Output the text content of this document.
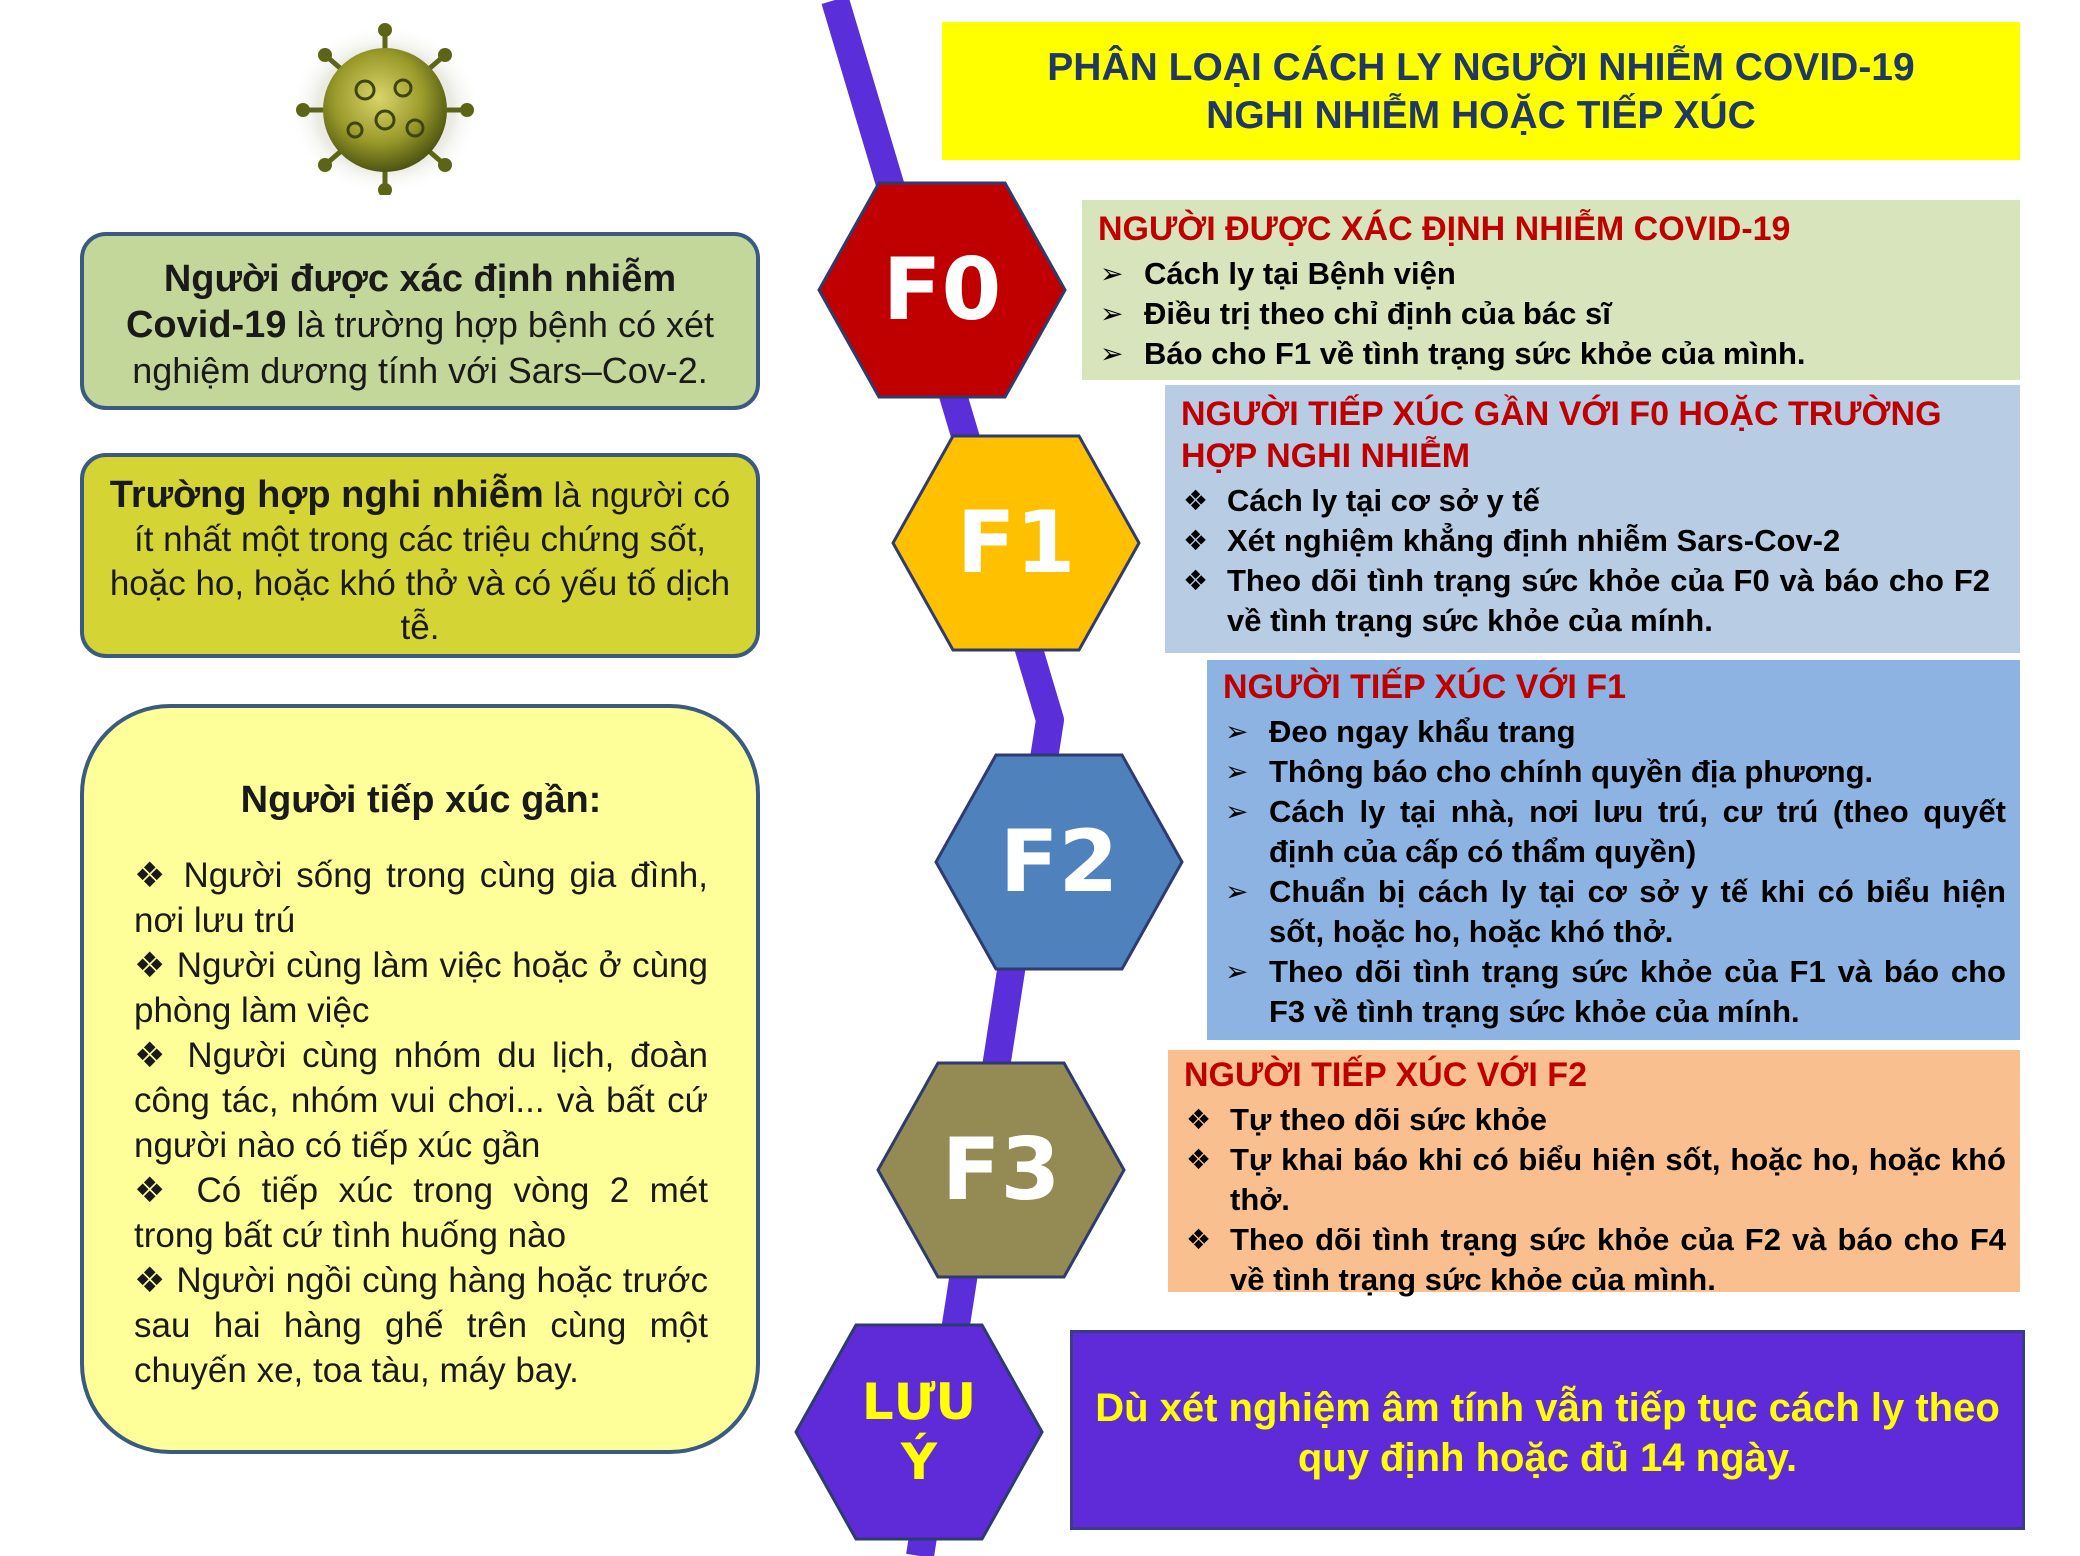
PHÂN LOẠI CÁCH LY NGƯỜI NHIỄM COVID-19
NGHI NHIỄM HOẶC TIẾP XÚC
Người được xác định nhiễm Covid-19 là trường hợp bệnh có xét nghiệm dương tính với Sars–Cov-2.
Trường hợp nghi nhiễm là người có ít nhất một trong các triệu chứng sốt, hoặc ho, hoặc khó thở và có yếu tố dịch tễ.
Người tiếp xúc gần:

❖ Người sống trong cùng gia đình, nơi lưu trú

❖ Người cùng làm việc hoặc ở cùng phòng làm việc

❖ Người cùng nhóm du lịch, đoàn công tác, nhóm vui chơi... và bất cứ người nào có tiếp xúc gần

❖ Có tiếp xúc trong vòng 2 mét trong bất cứ tình huống nào

❖ Người ngồi cùng hàng hoặc trước sau hai hàng ghế trên cùng một chuyến xe, toa tàu, máy bay.

F0
F1
F2
F3
LƯU
Ý
NGƯỜI ĐƯỢC XÁC ĐỊNH NHIỄM COVID-19
➢ Cách ly tại Bệnh viện
➢ Điều trị theo chỉ định của bác sĩ
➢ Báo cho F1 về tình trạng sức khỏe của mình.
NGƯỜI TIẾP XÚC GẦN VỚI F0 HOẶC TRƯỜNG HỢP NGHI NHIỄM
❖ Cách ly tại cơ sở y tế
❖ Xét nghiệm khẳng định nhiễm Sars-Cov-2
❖ Theo dõi tình trạng sức khỏe của F0 và báo cho F2 về tình trạng sức khỏe của mính.
NGƯỜI TIẾP XÚC VỚI F1
➢ Đeo ngay khẩu trang
➢ Thông báo cho chính quyền địa phương.
➢ Cách ly tại nhà, nơi lưu trú, cư trú (theo quyết định của cấp có thẩm quyền)
➢ Chuẩn bị cách ly tại cơ sở y tế khi có biểu hiện sốt, hoặc ho, hoặc khó thở.
➢ Theo dõi tình trạng sức khỏe của F1 và báo cho F3 về tình trạng sức khỏe của mính.
NGƯỜI TIẾP XÚC VỚI F2
❖ Tự theo dõi sức khỏe
❖ Tự khai báo khi có biểu hiện sốt, hoặc ho, hoặc khó thở.
❖ Theo dõi tình trạng sức khỏe của F2 và báo cho F4 về tình trạng sức khỏe của mình.
Dù xét nghiệm âm tính vẫn tiếp tục cách ly theo quy định hoặc đủ 14 ngày.
